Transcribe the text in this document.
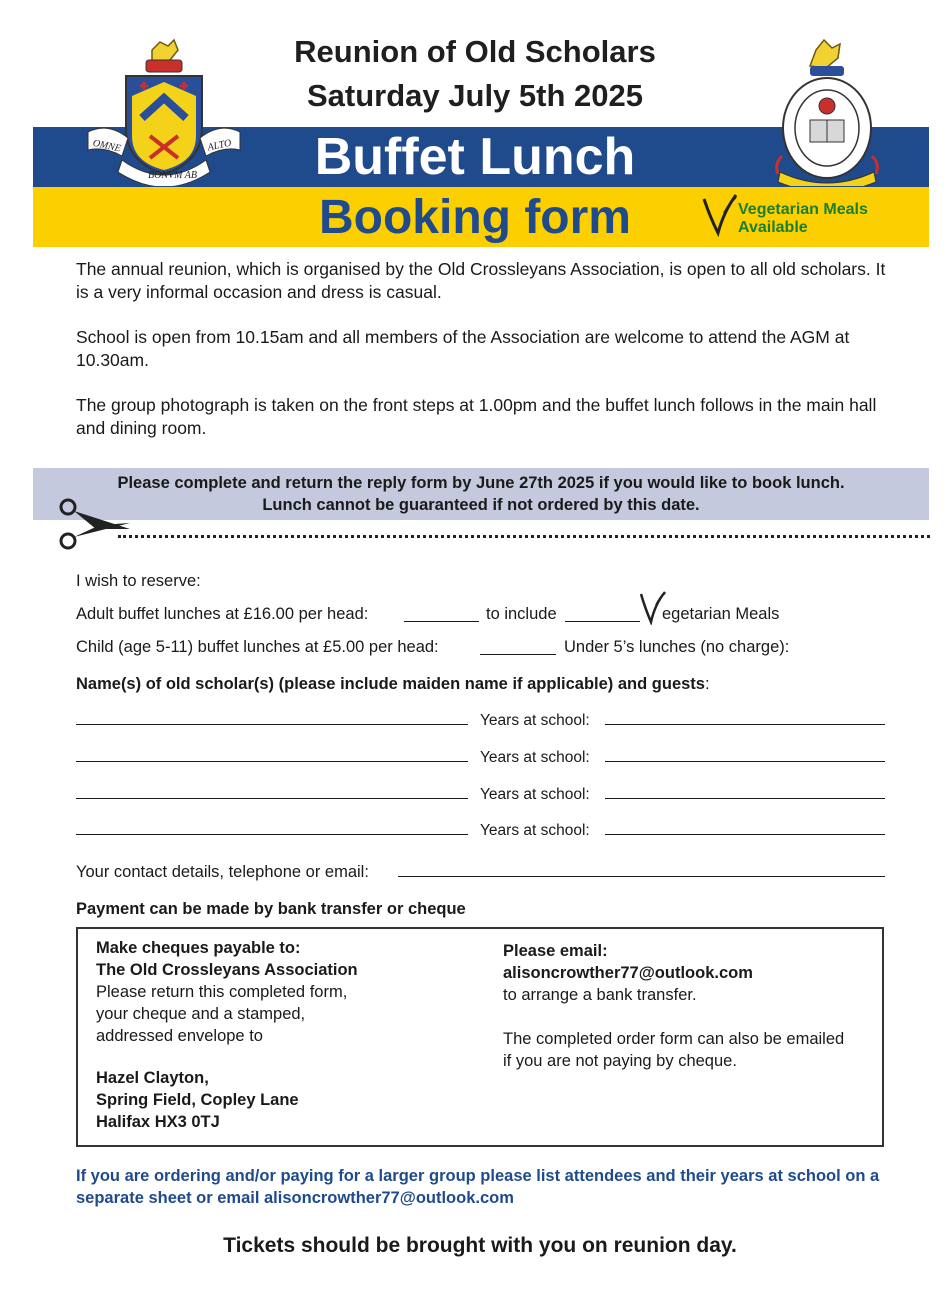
Reunion of Old Scholars
Saturday July 5th 2025
Buffet Lunch
Booking form
OMNE
BONVM AB
ALTO
Vegetarian Meals
Available
The annual reunion, which is organised by the Old Crossleyans Association, is open to all old scholars. It is a very informal occasion and dress is casual.
School is open from 10.15am and all members of the Association are welcome to attend the AGM at 10.30am.
The group photograph is taken on the front steps at 1.00pm and the buffet lunch follows in the main hall and dining room.
Please complete and return the reply form by June 27th 2025 if you would like to book lunch.
Lunch cannot be guaranteed if not ordered by this date.
I wish to reserve:
Adult buffet lunches at £16.00 per head:	to include	egetarian Meals
Child (age 5-11) buffet lunches at £5.00 per head:	Under 5’s lunches (no charge):
Name(s) of old scholar(s) (please include maiden name if applicable) and guests:
Years at school:
Years at school:
Years at school:
Years at school:
Your contact details, telephone or email:
Payment can be made by bank transfer or cheque
Make cheques payable to:
The Old Crossleyans Association
Please return this completed form,
your cheque and a stamped,
addressed envelope to
Hazel Clayton,
Spring Field, Copley Lane
Halifax HX3 0TJ
Please email:
alisoncrowther77@outlook.com
to arrange a bank transfer.
The completed order form can also be emailed
if you are not paying by cheque.
If you are ordering and/or paying for a larger group please list attendees and their years at school on a separate sheet or email alisoncrowther77@outlook.com
Tickets should be brought with you on reunion day.
